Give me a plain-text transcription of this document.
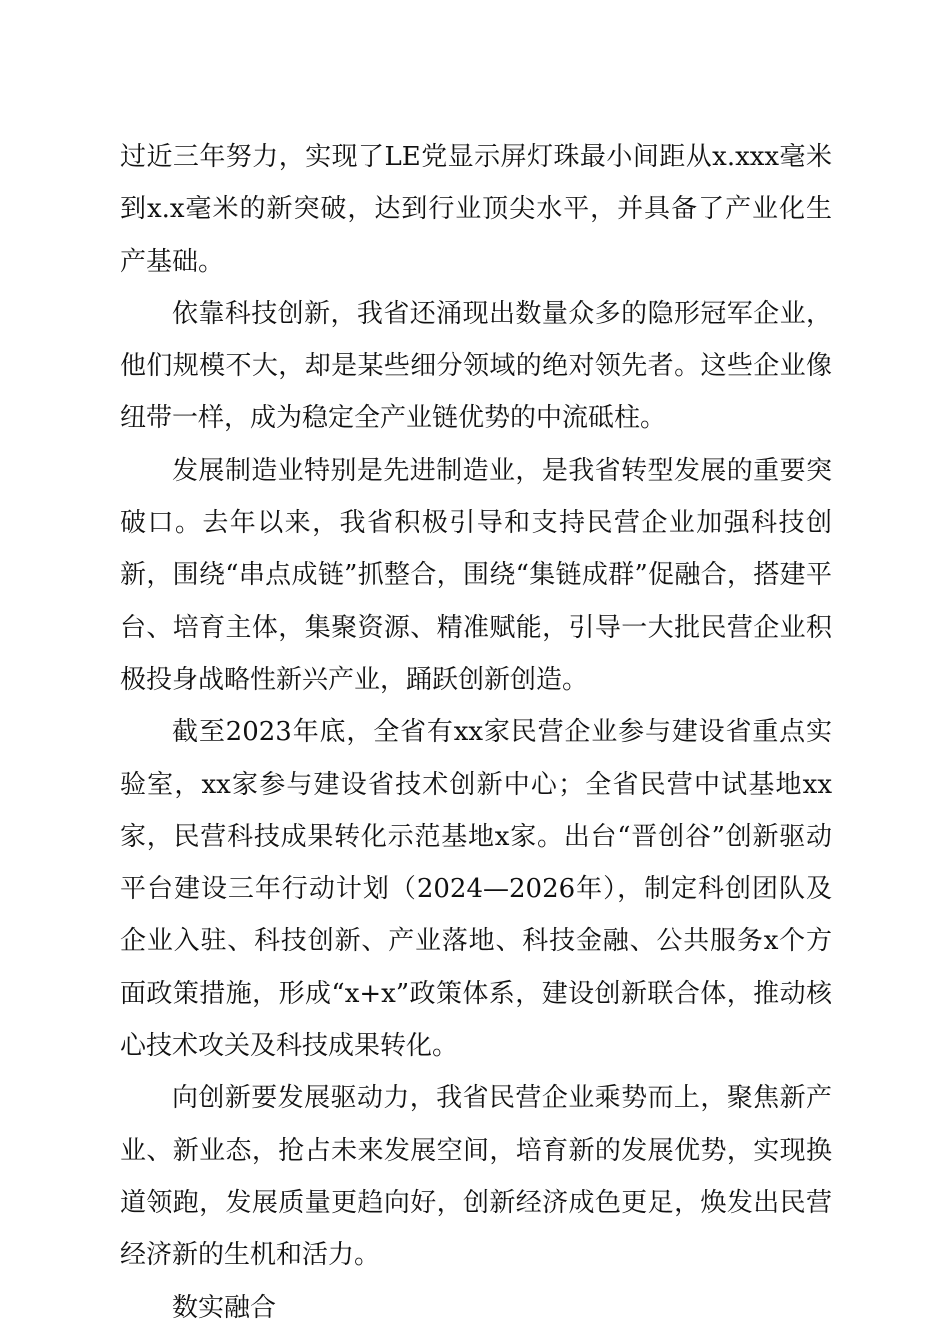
过近三年努力，实现了LE党显示屏灯珠最小间距从x.xxx毫米到x.x毫米的新突破，达到行业顶尖水平，并具备了产业化生产基础。

依靠科技创新，我省还涌现出数量众多的隐形冠军企业，他们规模不大，却是某些细分领域的绝对领先者。这些企业像纽带一样，成为稳定全产业链优势的中流砥柱。

发展制造业特别是先进制造业，是我省转型发展的重要突破口。去年以来，我省积极引导和支持民营企业加强科技创新，围绕“串点成链”抓整合，围绕“集链成群”促融合，搭建平台、培育主体，集聚资源、精准赋能，引导一大批民营企业积极投身战略性新兴产业，踊跃创新创造。

截至2023年底，全省有xx家民营企业参与建设省重点实验室，xx家参与建设省技术创新中心；全省民营中试基地xx家，民营科技成果转化示范基地x家。出台“晋创谷”创新驱动平台建设三年行动计划（2024—2026年），制定科创团队及企业入驻、科技创新、产业落地、科技金融、公共服务x个方面政策措施，形成“x+x”政策体系，建设创新联合体，推动核心技术攻关及科技成果转化。

向创新要发展驱动力，我省民营企业乘势而上，聚焦新产业、新业态，抢占未来发展空间，培育新的发展优势，实现换道领跑，发展质量更趋向好，创新经济成色更足，焕发出民营经济新的生机和活力。

数实融合
